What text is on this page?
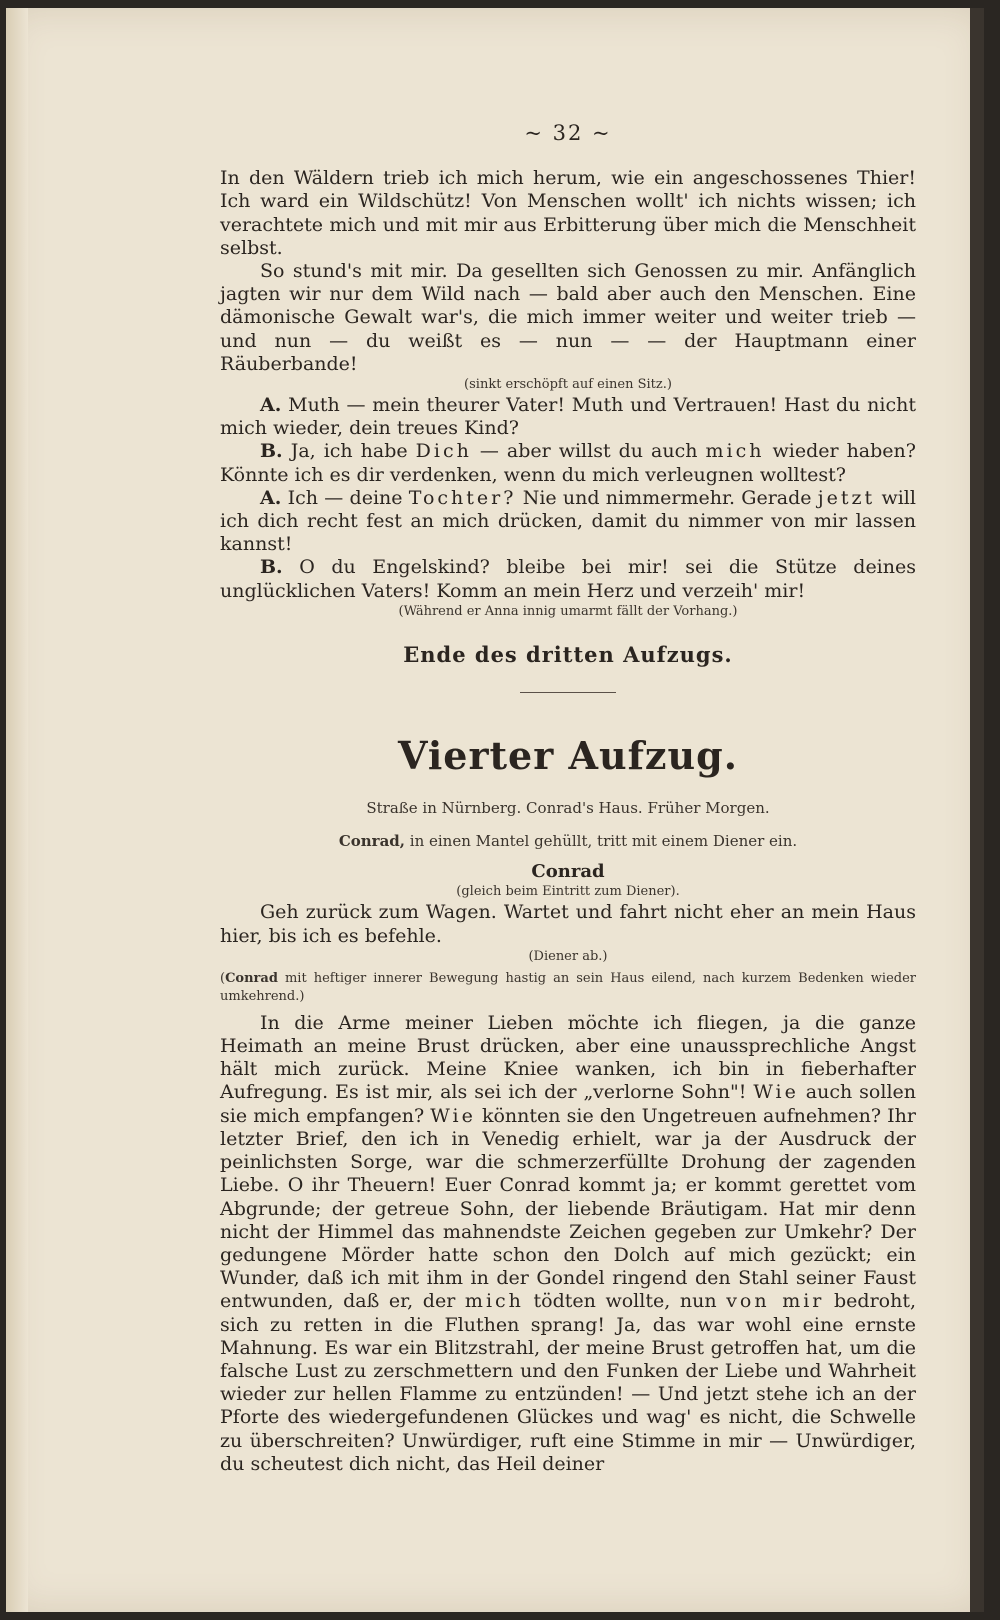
~ 32 ~

In den Wäldern trieb ich mich herum, wie ein angeschossenes Thier! Ich ward ein Wildschütz! Von Menschen wollt' ich nichts wissen; ich verachtete mich und mit mir aus Erbitterung über mich die Menschheit selbst.

So stund's mit mir. Da gesellten sich Genossen zu mir. Anfänglich jagten wir nur dem Wild nach — bald aber auch den Menschen. Eine dämonische Gewalt war's, die mich immer weiter und weiter trieb — und nun — du weißt es — nun — — der Hauptmann einer Räuberbande!

(sinkt erschöpft auf einen Sitz.)

A. Muth — mein theurer Vater! Muth und Vertrauen! Hast du nicht mich wieder, dein treues Kind?

B. Ja, ich habe Dich — aber willst du auch mich wieder haben? Könnte ich es dir verdenken, wenn du mich verleugnen wolltest?

A. Ich — deine Tochter? Nie und nimmermehr. Gerade jetzt will ich dich recht fest an mich drücken, damit du nimmer von mir lassen kannst!

B. O du Engelskind? bleibe bei mir! sei die Stütze deines unglücklichen Vaters! Komm an mein Herz und verzeih' mir!

(Während er Anna innig umarmt fällt der Vorhang.)

Ende des dritten Aufzugs.

Vierter Aufzug.

Straße in Nürnberg. Conrad's Haus. Früher Morgen.

Conrad, in einen Mantel gehüllt, tritt mit einem Diener ein.

Conrad

(gleich beim Eintritt zum Diener).

Geh zurück zum Wagen. Wartet und fahrt nicht eher an mein Haus hier, bis ich es befehle.

(Diener ab.)

(Conrad mit heftiger innerer Bewegung hastig an sein Haus eilend, nach kurzem Bedenken wieder umkehrend.)

In die Arme meiner Lieben möchte ich fliegen, ja die ganze Heimath an meine Brust drücken, aber eine unaussprechliche Angst hält mich zurück. Meine Kniee wanken, ich bin in fieberhafter Aufregung. Es ist mir, als sei ich der „verlorne Sohn"! Wie auch sollen sie mich empfangen? Wie könnten sie den Ungetreuen aufnehmen? Ihr letzter Brief, den ich in Venedig erhielt, war ja der Ausdruck der peinlichsten Sorge, war die schmerzerfüllte Drohung der zagenden Liebe. O ihr Theuern! Euer Conrad kommt ja; er kommt gerettet vom Abgrunde; der getreue Sohn, der liebende Bräutigam. Hat mir denn nicht der Himmel das mahnendste Zeichen gegeben zur Umkehr? Der gedungene Mörder hatte schon den Dolch auf mich gezückt; ein Wunder, daß ich mit ihm in der Gondel ringend den Stahl seiner Faust entwunden, daß er, der mich tödten wollte, nun von mir bedroht, sich zu retten in die Fluthen sprang! Ja, das war wohl eine ernste Mahnung. Es war ein Blitzstrahl, der meine Brust getroffen hat, um die falsche Lust zu zerschmettern und den Funken der Liebe und Wahrheit wieder zur hellen Flamme zu entzünden! — Und jetzt stehe ich an der Pforte des wiedergefundenen Glückes und wag' es nicht, die Schwelle zu überschreiten? Unwürdiger, ruft eine Stimme in mir — Unwürdiger, du scheutest dich nicht, das Heil deiner
